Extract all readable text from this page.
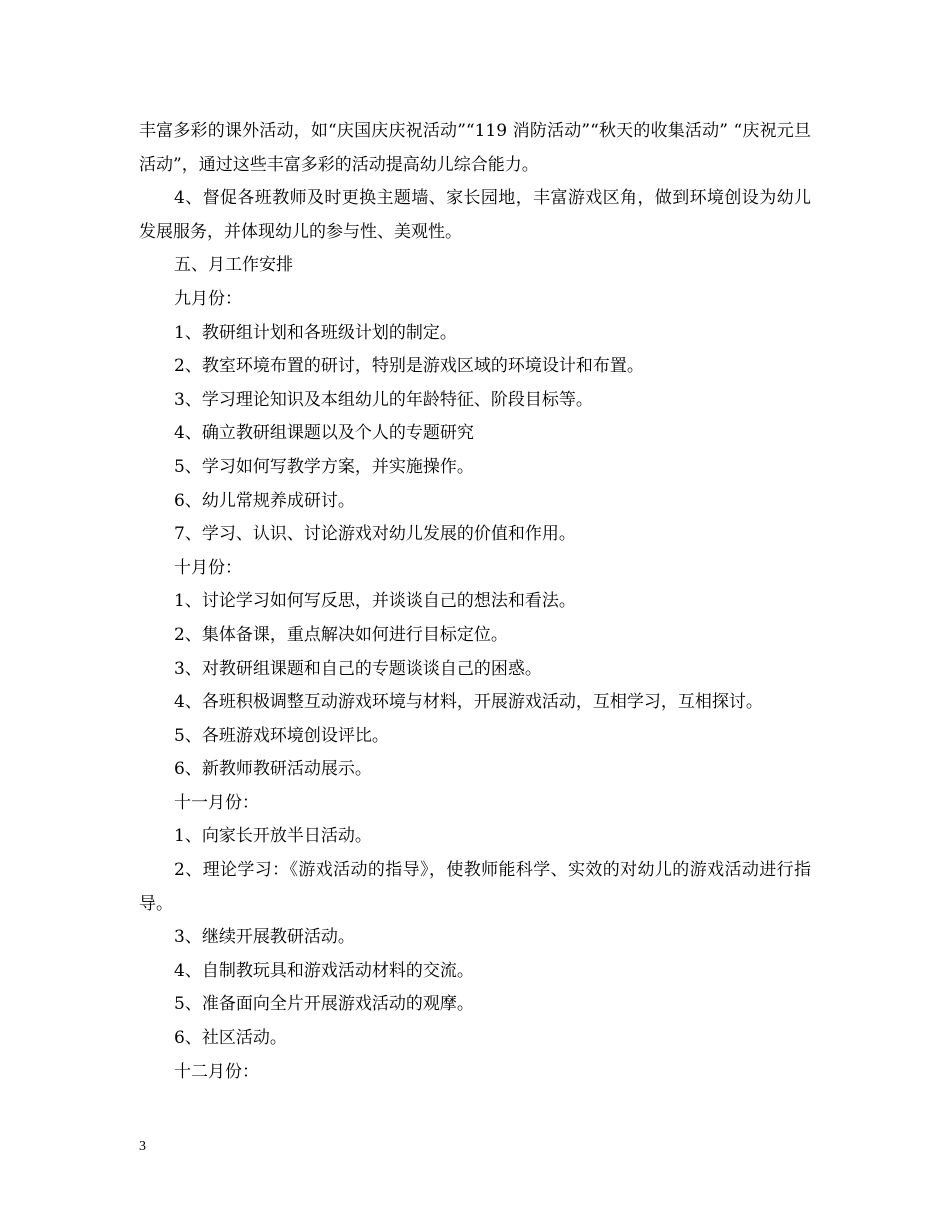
丰富多彩的课外活动，如“庆国庆庆祝活动”“119 消防活动”“秋天的收集活动” “庆祝元旦活动”，通过这些丰富多彩的活动提高幼儿综合能力。

4、督促各班教师及时更换主题墙、家长园地，丰富游戏区角，做到环境创设为幼儿发展服务，并体现幼儿的参与性、美观性。

五、月工作安排

九月份：

1、教研组计划和各班级计划的制定。

2、教室环境布置的研讨，特别是游戏区域的环境设计和布置。

3、学习理论知识及本组幼儿的年龄特征、阶段目标等。

4、确立教研组课题以及个人的专题研究

5、学习如何写教学方案，并实施操作。

6、幼儿常规养成研讨。

7、学习、认识、讨论游戏对幼儿发展的价值和作用。

十月份：

1、讨论学习如何写反思，并谈谈自己的想法和看法。

2、集体备课，重点解决如何进行目标定位。

3、对教研组课题和自己的专题谈谈自己的困惑。

4、各班积极调整互动游戏环境与材料，开展游戏活动，互相学习，互相探讨。

5、各班游戏环境创设评比。

6、新教师教研活动展示。

十一月份：

1、向家长开放半日活动。

2、理论学习：《游戏活动的指导》，使教师能科学、实效的对幼儿的游戏活动进行指导。

3、继续开展教研活动。

4、自制教玩具和游戏活动材料的交流。

5、准备面向全片开展游戏活动的观摩。

6、社区活动。

十二月份：

3
